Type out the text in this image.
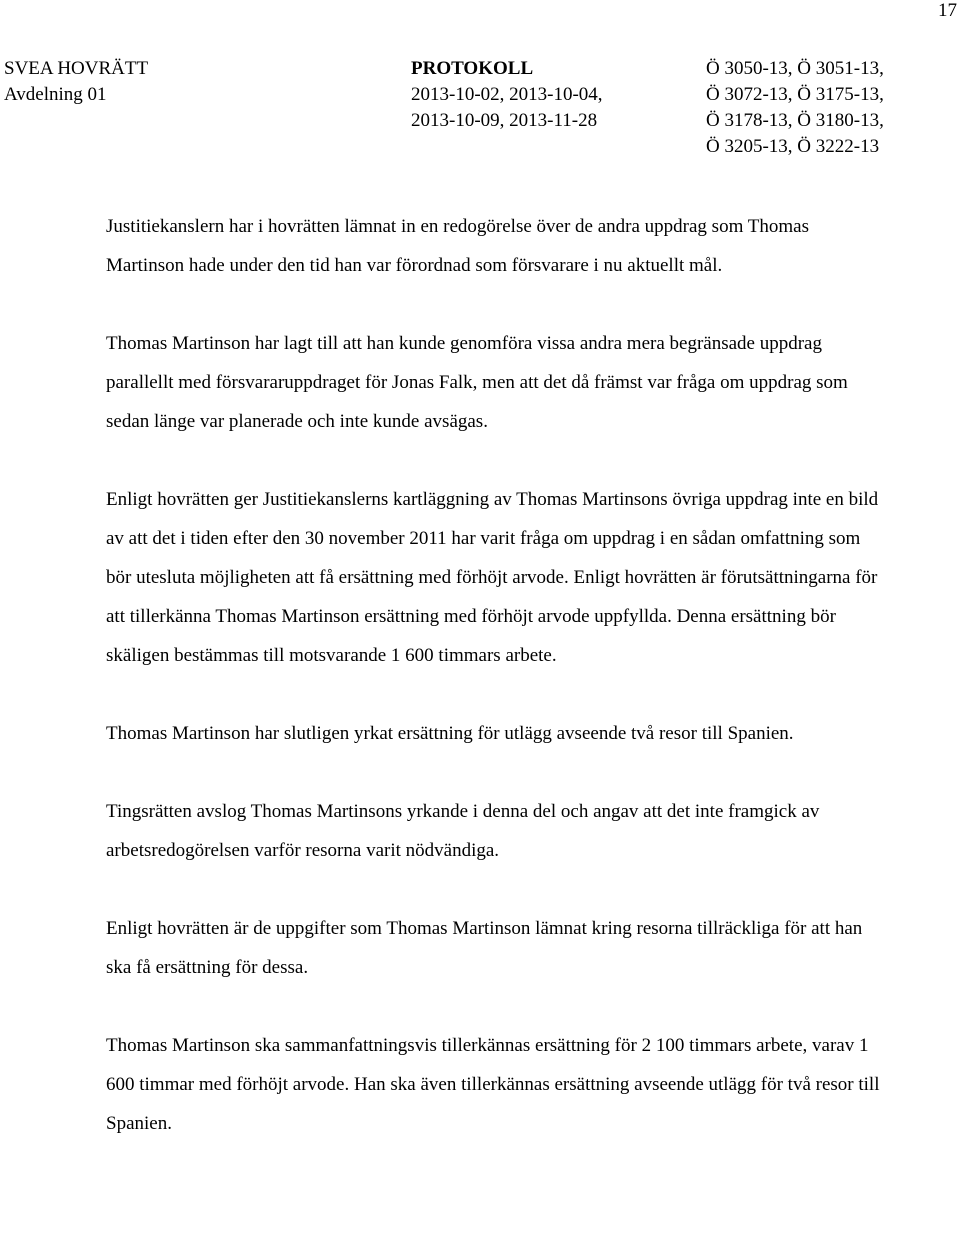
17
SVEA HOVRÄTT
Avdelning 01
PROTOKOLL
2013-10-02, 2013-10-04,
2013-10-09, 2013-11-28
Ö 3050-13, Ö 3051-13,
Ö 3072-13, Ö 3175-13,
Ö 3178-13, Ö 3180-13,
Ö 3205-13, Ö 3222-13

Justitiekanslern har i hovrätten lämnat in en redogörelse över de andra uppdrag som Thomas Martinson hade under den tid han var förordnad som försvarare i nu aktuellt mål.

Thomas Martinson har lagt till att han kunde genomföra vissa andra mera begränsade uppdrag parallellt med försvararuppdraget för Jonas Falk, men att det då främst var fråga om uppdrag som sedan länge var planerade och inte kunde avsägas.

Enligt hovrätten ger Justitiekanslerns kartläggning av Thomas Martinsons övriga uppdrag inte en bild av att det i tiden efter den 30 november 2011 har varit fråga om uppdrag i en sådan omfattning som bör utesluta möjligheten att få ersättning med förhöjt arvode. Enligt hovrätten är förutsättningarna för att tillerkänna Thomas Martinson ersättning med förhöjt arvode uppfyllda. Denna ersättning bör skäligen bestämmas till motsvarande 1 600 timmars arbete.

Thomas Martinson har slutligen yrkat ersättning för utlägg avseende två resor till Spanien.

Tingsrätten avslog Thomas Martinsons yrkande i denna del och angav att det inte framgick av arbetsredogörelsen varför resorna varit nödvändiga.

Enligt hovrätten är de uppgifter som Thomas Martinson lämnat kring resorna tillräckliga för att han ska få ersättning för dessa.

Thomas Martinson ska sammanfattningsvis tillerkännas ersättning för 2 100 timmars arbete, varav 1 600 timmar med förhöjt arvode. Han ska även tillerkännas ersättning avseende utlägg för två resor till Spanien.
